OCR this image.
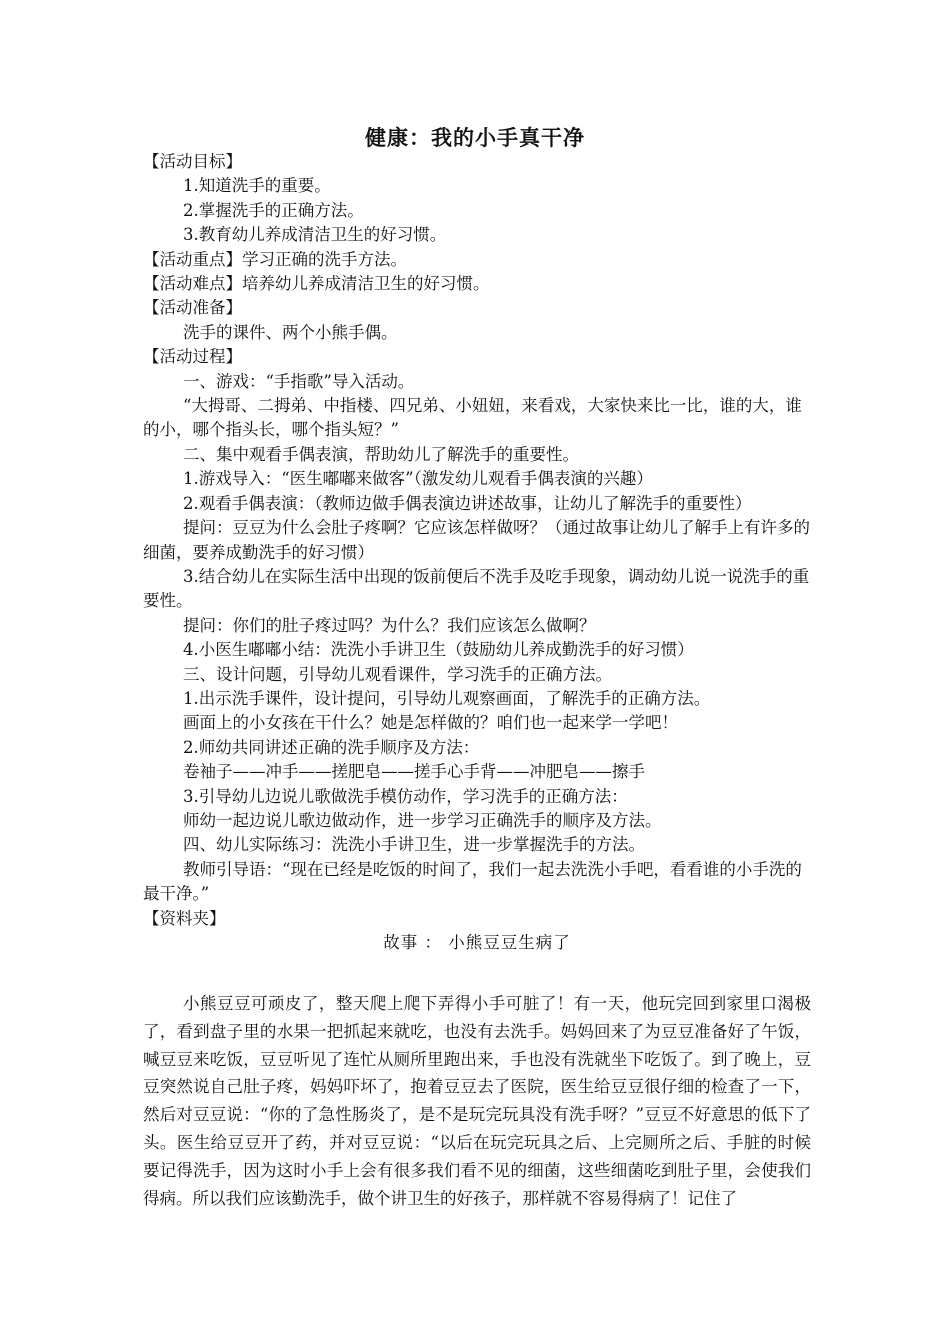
健康：我的小手真干净

【活动目标】

1.知道洗手的重要。

2.掌握洗手的正确方法。

3.教育幼儿养成清洁卫生的好习惯。

【活动重点】学习正确的洗手方法。

【活动难点】培养幼儿养成清洁卫生的好习惯。

【活动准备】

洗手的课件、两个小熊手偶。

【活动过程】

一、游戏：“手指歌”导入活动。

“大拇哥、二拇弟、中指楼、四兄弟、小妞妞，来看戏，大家快来比一比，谁的大，谁的小，哪个指头长，哪个指头短？”

二、集中观看手偶表演，帮助幼儿了解洗手的重要性。

1.游戏导入：“医生嘟嘟来做客”（激发幼儿观看手偶表演的兴趣）

2.观看手偶表演：（教师边做手偶表演边讲述故事，让幼儿了解洗手的重要性）

提问：豆豆为什么会肚子疼啊？它应该怎样做呀？（通过故事让幼儿了解手上有许多的细菌，要养成勤洗手的好习惯）

3.结合幼儿在实际生活中出现的饭前便后不洗手及吃手现象，调动幼儿说一说洗手的重要性。

提问：你们的肚子疼过吗？为什么？我们应该怎么做啊？

4.小医生嘟嘟小结：洗洗小手讲卫生（鼓励幼儿养成勤洗手的好习惯）

三、设计问题，引导幼儿观看课件，学习洗手的正确方法。

1.出示洗手课件，设计提问，引导幼儿观察画面，了解洗手的正确方法。

画面上的小女孩在干什么？她是怎样做的？咱们也一起来学一学吧！

2.师幼共同讲述正确的洗手顺序及方法：

卷袖子——冲手——搓肥皂——搓手心手背——冲肥皂——擦手

3.引导幼儿边说儿歌做洗手模仿动作，学习洗手的正确方法：

师幼一起边说儿歌边做动作，进一步学习正确洗手的顺序及方法。

四、幼儿实际练习：洗洗小手讲卫生，进一步掌握洗手的方法。

教师引导语：“现在已经是吃饭的时间了，我们一起去洗洗小手吧，看看谁的小手洗的最干净。”

【资料夹】

故事 ： 小熊豆豆生病了

小熊豆豆可顽皮了，整天爬上爬下弄得小手可脏了！有一天，他玩完回到家里口渴极了，看到盘子里的水果一把抓起来就吃，也没有去洗手。妈妈回来了为豆豆准备好了午饭，喊豆豆来吃饭，豆豆听见了连忙从厕所里跑出来，手也没有洗就坐下吃饭了。到了晚上，豆豆突然说自己肚子疼，妈妈吓坏了，抱着豆豆去了医院，医生给豆豆很仔细的检查了一下，然后对豆豆说：“你的了急性肠炎了，是不是玩完玩具没有洗手呀？”豆豆不好意思的低下了头。医生给豆豆开了药，并对豆豆说：“以后在玩完玩具之后、上完厕所之后、手脏的时候要记得洗手，因为这时小手上会有很多我们看不见的细菌，这些细菌吃到肚子里，会使我们得病。所以我们应该勤洗手，做个讲卫生的好孩子，那样就不容易得病了！记住了
